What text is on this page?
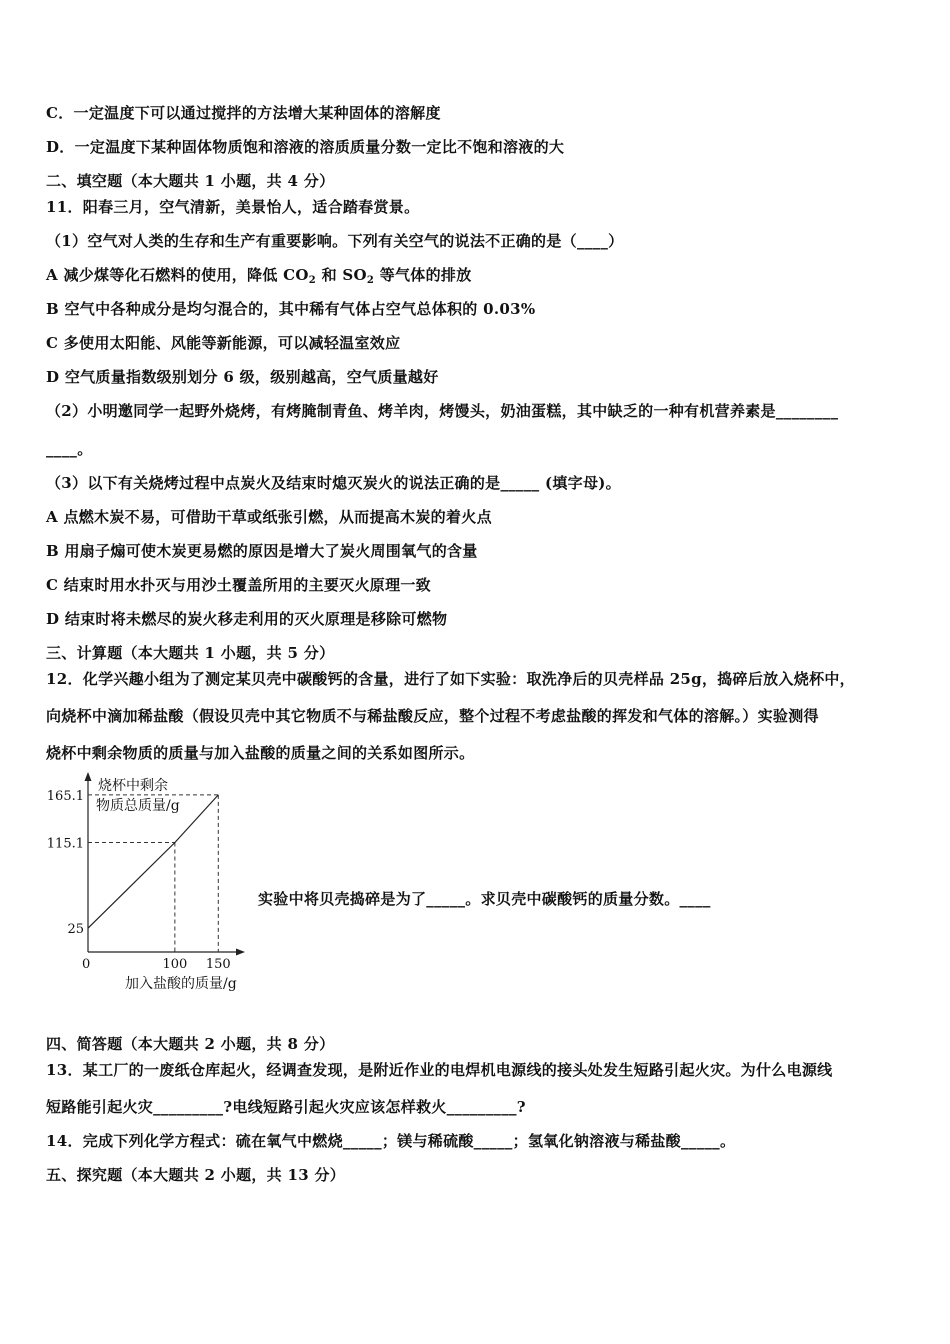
C．一定温度下可以通过搅拌的方法增大某种固体的溶解度
D．一定温度下某种固体物质饱和溶液的溶质质量分数一定比不饱和溶液的大
二、填空题（本大题共 1 小题，共 4 分）
11．阳春三月，空气清新，美景怡人，适合踏春赏景。
（1）空气对人类的生存和生产有重要影响。下列有关空气的说法不正确的是（____）
A 减少煤等化石燃料的使用，降低 $CO_2$ 和 $SO_2$ 等气体的排放
B 空气中各种成分是均匀混合的，其中稀有气体占空气总体积的 0.03%
C 多使用太阳能、风能等新能源，可以减轻温室效应
D 空气质量指数级别划分 6 级，级别越高，空气质量越好
（2）小明邀同学一起野外烧烤，有烤腌制青鱼、烤羊肉，烤馒头，奶油蛋糕，其中缺乏的一种有机营养素是________
____。
（3）以下有关烧烤过程中点炭火及结束时熄灭炭火的说法正确的是_____ (填字母)。
A 点燃木炭不易，可借助干草或纸张引燃，从而提高木炭的着火点
B 用扇子煽可使木炭更易燃的原因是增大了炭火周围氧气的含量
C 结束时用水扑灭与用沙土覆盖所用的主要灭火原理一致
D 结束时将未燃尽的炭火移走利用的灭火原理是移除可燃物
三、计算题（本大题共 1 小题，共 5 分）
12．化学兴趣小组为了测定某贝壳中碳酸钙的含量，进行了如下实验：取洗净后的贝壳样品 25g，捣碎后放入烧杯中，
向烧杯中滴加稀盐酸（假设贝壳中其它物质不与稀盐酸反应，整个过程不考虑盐酸的挥发和气体的溶解。）实验测得
烧杯中剩余物质的质量与加入盐酸的质量之间的关系如图所示。
烧杯中剩余
物质总质量/g
加入盐酸的质量/g
0
165.1
115.1
25
100 150
实验中将贝壳捣碎是为了_____。求贝壳中碳酸钙的质量分数。____
四、简答题（本大题共 2 小题，共 8 分）
13．某工厂的一废纸仓库起火，经调查发现，是附近作业的电焊机电源线的接头处发生短路引起火灾。为什么电源线
短路能引起火灾_________?电线短路引起火灾应该怎样救火_________?
14．完成下列化学方程式：硫在氧气中燃烧_____；镁与稀硫酸_____；氢氧化钠溶液与稀盐酸_____。
五、探究题（本大题共 2 小题，共 13 分）
